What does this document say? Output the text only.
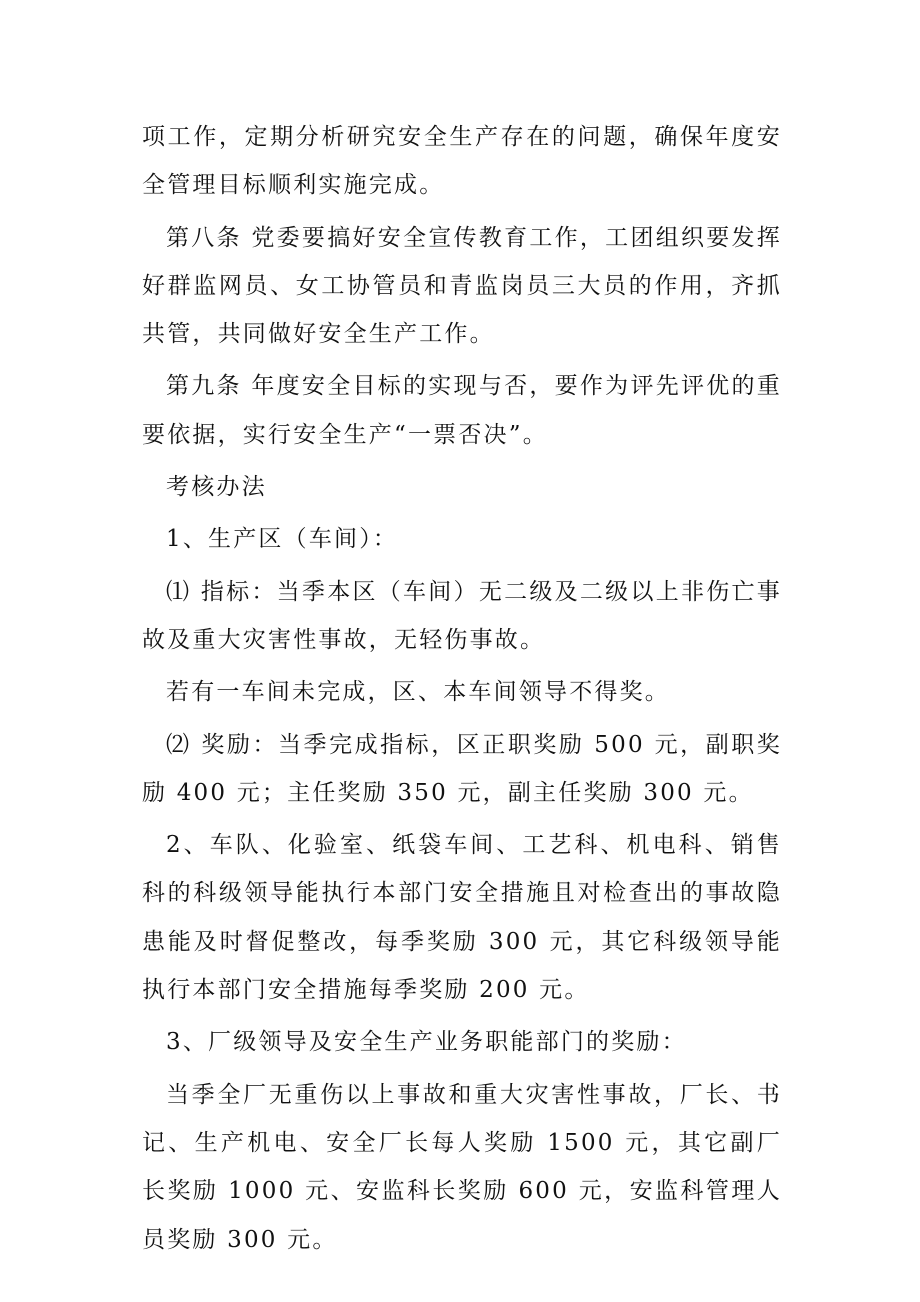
项工作，定期分析研究安全生产存在的问题，确保年度安全管理目标顺利实施完成。

第八条 党委要搞好安全宣传教育工作，工团组织要发挥好群监网员、女工协管员和青监岗员三大员的作用，齐抓共管，共同做好安全生产工作。

第九条 年度安全目标的实现与否，要作为评先评优的重要依据，实行安全生产“一票否决”。

考核办法

1、生产区（车间）：

⑴ 指标：当季本区（车间）无二级及二级以上非伤亡事故及重大灾害性事故，无轻伤事故。

若有一车间未完成，区、本车间领导不得奖。

⑵ 奖励：当季完成指标，区正职奖励 500 元，副职奖励 400 元；主任奖励 350 元，副主任奖励 300 元。

2、车队、化验室、纸袋车间、工艺科、机电科、销售科的科级领导能执行本部门安全措施且对检查出的事故隐患能及时督促整改，每季奖励 300 元，其它科级领导能执行本部门安全措施每季奖励 200 元。

3、厂级领导及安全生产业务职能部门的奖励：

当季全厂无重伤以上事故和重大灾害性事故，厂长、书记、生产机电、安全厂长每人奖励 1500 元，其它副厂长奖励 1000 元、安监科长奖励 600 元，安监科管理人员奖励 300 元。
